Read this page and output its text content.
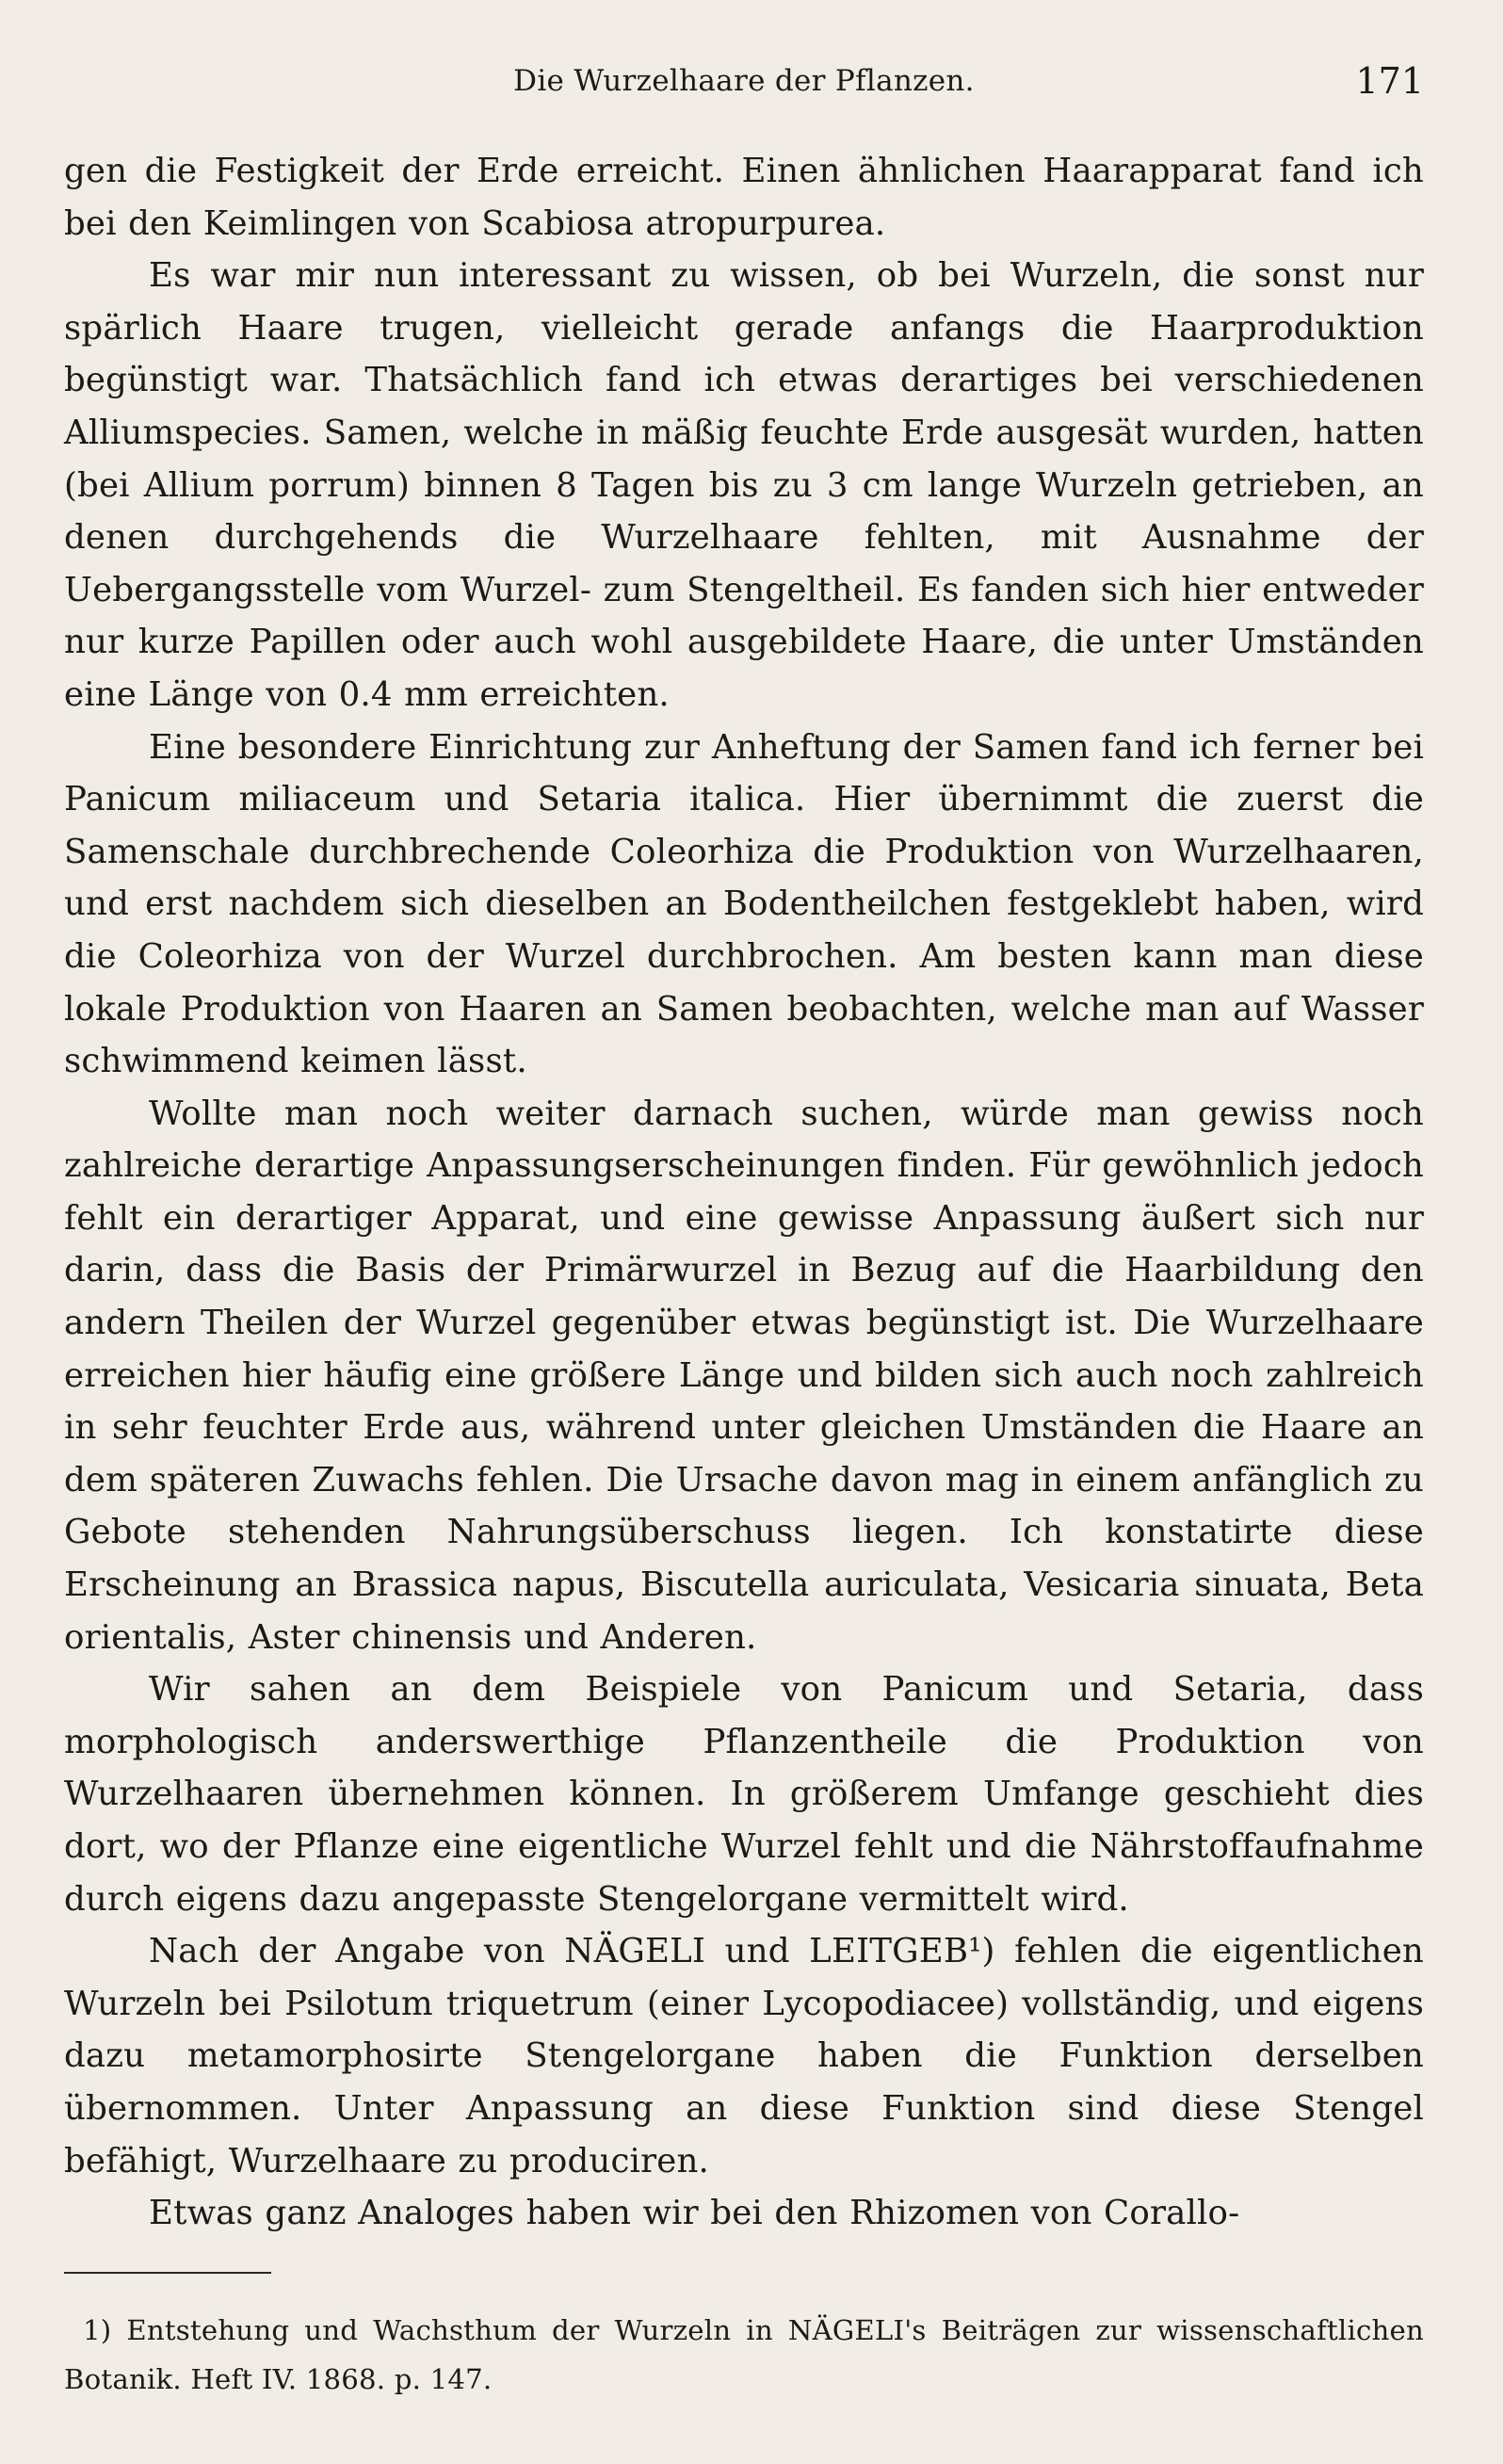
Die Wurzelhaare der Pflanzen.	171

gen die Festigkeit der Erde erreicht. Einen ähnlichen Haarapparat fand ich bei den Keimlingen von Scabiosa atropurpurea.

Es war mir nun interessant zu wissen, ob bei Wurzeln, die sonst nur spärlich Haare trugen, vielleicht gerade anfangs die Haarproduktion begünstigt war. Thatsächlich fand ich etwas derartiges bei verschiedenen Alliumspecies. Samen, welche in mäßig feuchte Erde ausgesät wurden, hatten (bei Allium porrum) binnen 8 Tagen bis zu 3 cm lange Wurzeln getrieben, an denen durchgehends die Wurzelhaare fehlten, mit Ausnahme der Uebergangsstelle vom Wurzel- zum Stengeltheil. Es fanden sich hier entweder nur kurze Papillen oder auch wohl ausgebildete Haare, die unter Umständen eine Länge von 0.4 mm erreichten.

Eine besondere Einrichtung zur Anheftung der Samen fand ich ferner bei Panicum miliaceum und Setaria italica. Hier übernimmt die zuerst die Samenschale durchbrechende Coleorhiza die Produktion von Wurzelhaaren, und erst nachdem sich dieselben an Bodentheilchen festgeklebt haben, wird die Coleorhiza von der Wurzel durchbrochen. Am besten kann man diese lokale Produktion von Haaren an Samen beobachten, welche man auf Wasser schwimmend keimen lässt.

Wollte man noch weiter darnach suchen, würde man gewiss noch zahlreiche derartige Anpassungserscheinungen finden. Für gewöhnlich jedoch fehlt ein derartiger Apparat, und eine gewisse Anpassung äußert sich nur darin, dass die Basis der Primärwurzel in Bezug auf die Haarbildung den andern Theilen der Wurzel gegenüber etwas begünstigt ist. Die Wurzelhaare erreichen hier häufig eine größere Länge und bilden sich auch noch zahlreich in sehr feuchter Erde aus, während unter gleichen Umständen die Haare an dem späteren Zuwachs fehlen. Die Ursache davon mag in einem anfänglich zu Gebote stehenden Nahrungsüberschuss liegen. Ich konstatirte diese Erscheinung an Brassica napus, Biscutella auriculata, Vesicaria sinuata, Beta orientalis, Aster chinensis und Anderen.

Wir sahen an dem Beispiele von Panicum und Setaria, dass morphologisch anderswerthige Pflanzentheile die Produktion von Wurzelhaaren übernehmen können. In größerem Umfange geschieht dies dort, wo der Pflanze eine eigentliche Wurzel fehlt und die Nährstoffaufnahme durch eigens dazu angepasste Stengelorgane vermittelt wird.

Nach der Angabe von NÄGELI und LEITGEB¹) fehlen die eigentlichen Wurzeln bei Psilotum triquetrum (einer Lycopodiacee) vollständig, und eigens dazu metamorphosirte Stengelorgane haben die Funktion derselben übernommen. Unter Anpassung an diese Funktion sind diese Stengel befähigt, Wurzelhaare zu produciren.

Etwas ganz Analoges haben wir bei den Rhizomen von Corallo-

1) Entstehung und Wachsthum der Wurzeln in NÄGELI's Beiträgen zur wissenschaftlichen Botanik. Heft IV. 1868. p. 147.
